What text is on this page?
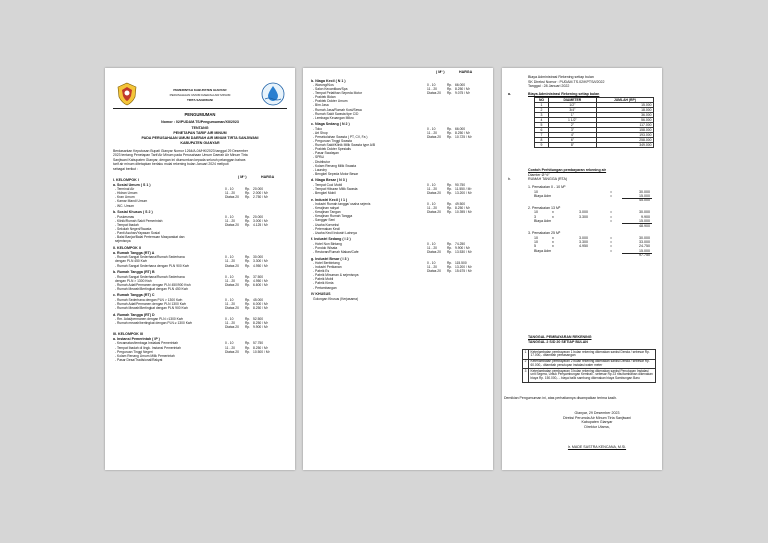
PEMERINTAH KABUPATEN GIANYAR
PERUSAHAAN UMUM DAERAH AIR MINUM
TIRTA SANJIWANI
PENGUMUMAN
Nomor : 02/PUDAM.TS/Pengumuman/XII/2023
TENTANG
PENETAPAN TARIF AIR MINUM
PADA PERUSAHAAN UMUM DAERAH AIR MINUM TIRTA SANJIWANI
KABUPATEN GIANYAR
Berdasarkan Keputusan Bupati Gianyar Nomor 1264/A-04/HK/2023 tanggal 29 Desember
2023 tentang Penetapan Tarif Air Minum pada Perusahaan Umum Daerah Air Minum Tirta
Sanjiwani Kabupaten Gianyar, dengan ini diumumkan kepada seluruh pelanggan bahwa
tarif air minum ditetapkan berlaku mulai rekening bulan Januari 2024 meliputi
sebagai berikut :
( M³ )	HARGA
I. KELOMPOK I
a. Sosial Umum ( S 1 )
- Terminal Air
- Hidran Umum
- Kran Umum
- Kamar Mandi Umum
- WC. Umum
0 - 10	Rp. 20.000
11 - 20	Rp. 2.000 / M³
Diatas 20 Rp. 2.750 / M³
b. Sosial Khusus ( S 2 )
- Puskesmas
- Klinik/Rumah Sakit Pemerintah
- Tempat Ibadah
- Sekolah Negeri/Swasta
- Panti Asuhan/Yayasan Sosial
- Balai Banjar/Balai Pertemuan Masyarakat dan
sejenisnya
0 - 10	Rp. 20.000
11 - 20	Rp. 3.000 / M³
Diatas 20 Rp. 4.125 / M³
II. KELOMPOK II
a. Rumah Tangga (RT) A
- Rumah Sangat Sederhana/Rumah Sederhana
dengan PLN 450 Kwh
- Rumah Sangat Sederhana dengan PLN 900 Kwh
0 - 10	Rp. 30.000
11 - 20	Rp. 3.300 / M³
Diatas 20 Rp. 4.950 / M³
b. Rumah Tangga (RT) B
- Rumah Sangat Sederhana/Rumah Sederhana
dengan PLN > 1300 Kwh
- Rumah Adat/Permanen dengan PLN 450/900 Kwh
- Rumah Mewah/Bertingkat dengan PLN 450 Kwh
0 - 10	Rp. 37.500
11 - 20	Rp. 4.950 / M³
Diatas 20 Rp. 6.600 / M³
c. Rumah Tangga (RT) C
- Rumah Sederhana dengan PLN > 1300 Kwh
- Rumah Adat/Permanen dengan PLN 1300 Kwh
- Rumah Mewah/Bertingkat dengan PLN 900 Kwh
0 - 10	Rp. 45.000
11 - 20	Rp. 6.000 / M³
Diatas 20 Rp. 8.250 / M³
d. Rumah Tangga (RT) D
- Rm. Adat/permanen dengan PLN >1300 Kwh
- Rumah mewah/bertingkat dengan PLN ≥ 1300 Kwh
0 - 10	Rp. 52.500
11 - 20	Rp. 8.250 / M³
Diatas 20 Rp. 9.900 / M³
III. KELOMPOK III
a. Instansi Pemerintah ( IP )
- Kecamatan/lembaga Instalasi Pemerintah
- Tempat Ibadah di lingk. Instansi Pemerintah
- Perguruan Tinggi Negeri
- Kolam Renang Umum Milik Pemerintah
- Pasar Desa/Tradisional/Rakyat
0 - 10	Rp. 57.750
11 - 20	Rp. 8.250 / M³
Diatas 20 Rp. 10.500 / M³
( M³ )	HARGA
b. Niaga Kecil ( N 1 )
- Warung/Kios
- Salon Kecantikan/Spa
- Tempat Pelatihan Sepeda Motor
- Praktek Bidan
- Praktek Dokter Umum
- Bim Jasa
- Rumah Jasa/Rumah Kost/Sewa
- Rumah Sakit Swasta tipe C/D
- Lembaga Keuangan Mikro
0 - 10	Rp. 66.000
11 - 20	Rp. 8.250 / M³
Diatas 20 Rp. 9.075 / M³
c. Niaga Sedang ( N 2 )
- Toko
- Art Shop
- Persekolahan Swasta ( PT, CV, Fa )
- Perguruan Tinggi Swasta
- Rumah Sakit/Klinik Milik Swasta type A/B
- Praktek Dokter Spesialis
- Pasar Swalayan
- SPBU
- Distributor
- Kolam Renang Milik Swasta
- Laundry
- Bengkel Sepeda Motor Besar
0 - 10	Rp. 66.000
11 - 20	Rp. 8.250 / M³
Diatas 20 Rp. 10.725 / M³
d. Niaga Besar ( N 3 )
- Tempat Cuci Mobil
- Tempat Hiburan Milik Swasta
- Bengkel Mobil
0 - 10	Rp. 90.750
11 - 20	Rp. 11.550 / M³
Diatas 20 Rp. 13.200 / M³
e. Industri Kecil ( I 1 )
- Industri Rumah tangga/ usaha sejenis
- Kerajinan rakyat
- Kerajinan Tangan
- Kerajinan Rumah Tangga
- Sanggar Seni
- Usaha Konveksi
- Peternakan Kecil
- Usaha Kecil Industri Lainnya
0 - 10	Rp. 49.500
11 - 20	Rp. 8.250 / M³
Diatas 20 Rp. 10.395 / M³
f. Industri Sedang ( I 2 )
- Hotel Non Bintang
- Pondok Wisata
- Restoran/Rumah Makan/Cafe
0 - 10	Rp. 74.250
11 - 20	Rp. 9.900 / M³
Diatas 20 Rp. 13.530 / M³
g. Industri Besar ( I 3 )
- Hotel Berbintang
- Industri Perikanan
- Pabrik Es
- Pabrik Minuman & sejenisnya
- Pabrik Mobil
- Pabrik Kimia
- Pertambangan
0 - 10	Rp. 115.500
11 - 20	Rp. 13.200 / M³
Diatas 20 Rp. 15.675 / M³
IV KHUSUS
Golongan Khusus (Kerjasama)
Biaya Administrasi Rekening setiap bulan
SK Direksi Nomor : PUDAM.TS.02/KPTS/I/2022
Tanggal : 28 Januari 2022
a.	Biaya Administrasi Rekening setiap bulan
NO	DIAMETER	JUMLAH (RP)
1	1/2"	15.000
2	3/4"	18.000
3	1"	36.000
4	1 1/2"	56.000
5	2"	117.000
6	3"	158.000
7	4"	193.000
8	6"	258.000
9	8"	349.000
Contoh Perhitungan pembayaran rekening air
Diamter Ø ½"
b.	RUMAH TANGGA (RTA)
1. Pemakaian 0 - 10 M³
10	=	30.000
Biaya Adm	=	15.000
45.000
2. Pemakaian 13 M³
10	x	3.000	=	30.000
3	x	3.300	=	9.900
Biaya Adm	=	15.000
48.900
3. Pemakaian 25 M³
10	x	3.000	=	30.000
10	x	3.300	=	33.000
5	x	4.950	=	24.750
Biaya Adm	=	15.000
97.750
TANGGAL PEMBAYARAN REKENING
TANGGAL 2 S/D 20 SETIAP BULAN
1	Keterlambatan pembayaran 1 bulan rekening dikenakan sanksi Denda / sebesar Rp. 17.000,- ditambah pemasangan
2	Keterlambatan pembayaran 2 bulan rekening dikenakan sanksi Denda / sebesar Rp. 60.000,- ditambah penutupan instalasi water meter
3	Keterlambatan pembayaran 3 bulan rekening dikenakan sanksi Penutupan Instalasi unit Segera, Untuk Penyambungan Kembali - sebesar Rp 23 ribu/tambahan dikenakan biaya Rp. 150.000,- - biaya balik sambung dikenakan biaya Sambungan Baru
Demikian Pengumuman ini, atas perhatiannya disampaikan terima kasih.
Gianyar, 29 Desember 2023
Direksi Perumda Air Minum Tirta Sanjiwani
Kabupaten Gianyar
Direktur Utama,
Ir. MADE SASTRA KENCANA, M.Si.
